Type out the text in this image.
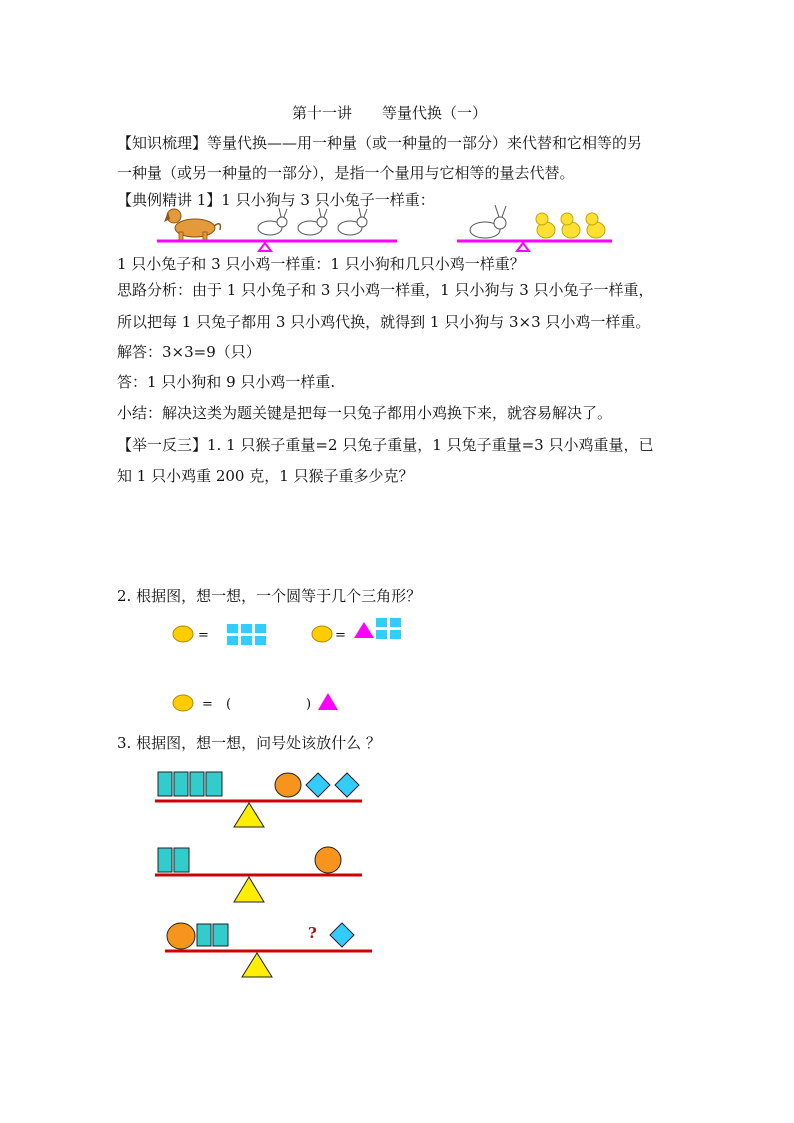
第十一讲　　等量代换（一）
【知识梳理】等量代换——用一种量（或一种量的一部分）来代替和它相等的另
一种量（或另一种量的一部分），是指一个量用与它相等的量去代替。
【典例精讲 1】1 只小狗与 3 只小兔子一样重：
1 只小兔子和 3 只小鸡一样重：1 只小狗和几只小鸡一样重？
思路分析：由于 1 只小兔子和 3 只小鸡一样重，1 只小狗与 3 只小兔子一样重，
所以把每 1 只兔子都用 3 只小鸡代换，就得到 1 只小狗与 3×3 只小鸡一样重。
解答：3×3=9（只）
答：1 只小狗和 9 只小鸡一样重.
小结：解决这类为题关键是把每一只兔子都用小鸡换下来，就容易解决了。
【举一反三】1. 1 只猴子重量=2 只兔子重量，1 只兔子重量=3 只小鸡重量，已
知 1 只小鸡重 200 克，1 只猴子重多少克？
2. 根据图，想一想，一个圆等于几个三角形？
=	=
= (	)
3. 根据图，想一想，问号处该放什么 ？
?
